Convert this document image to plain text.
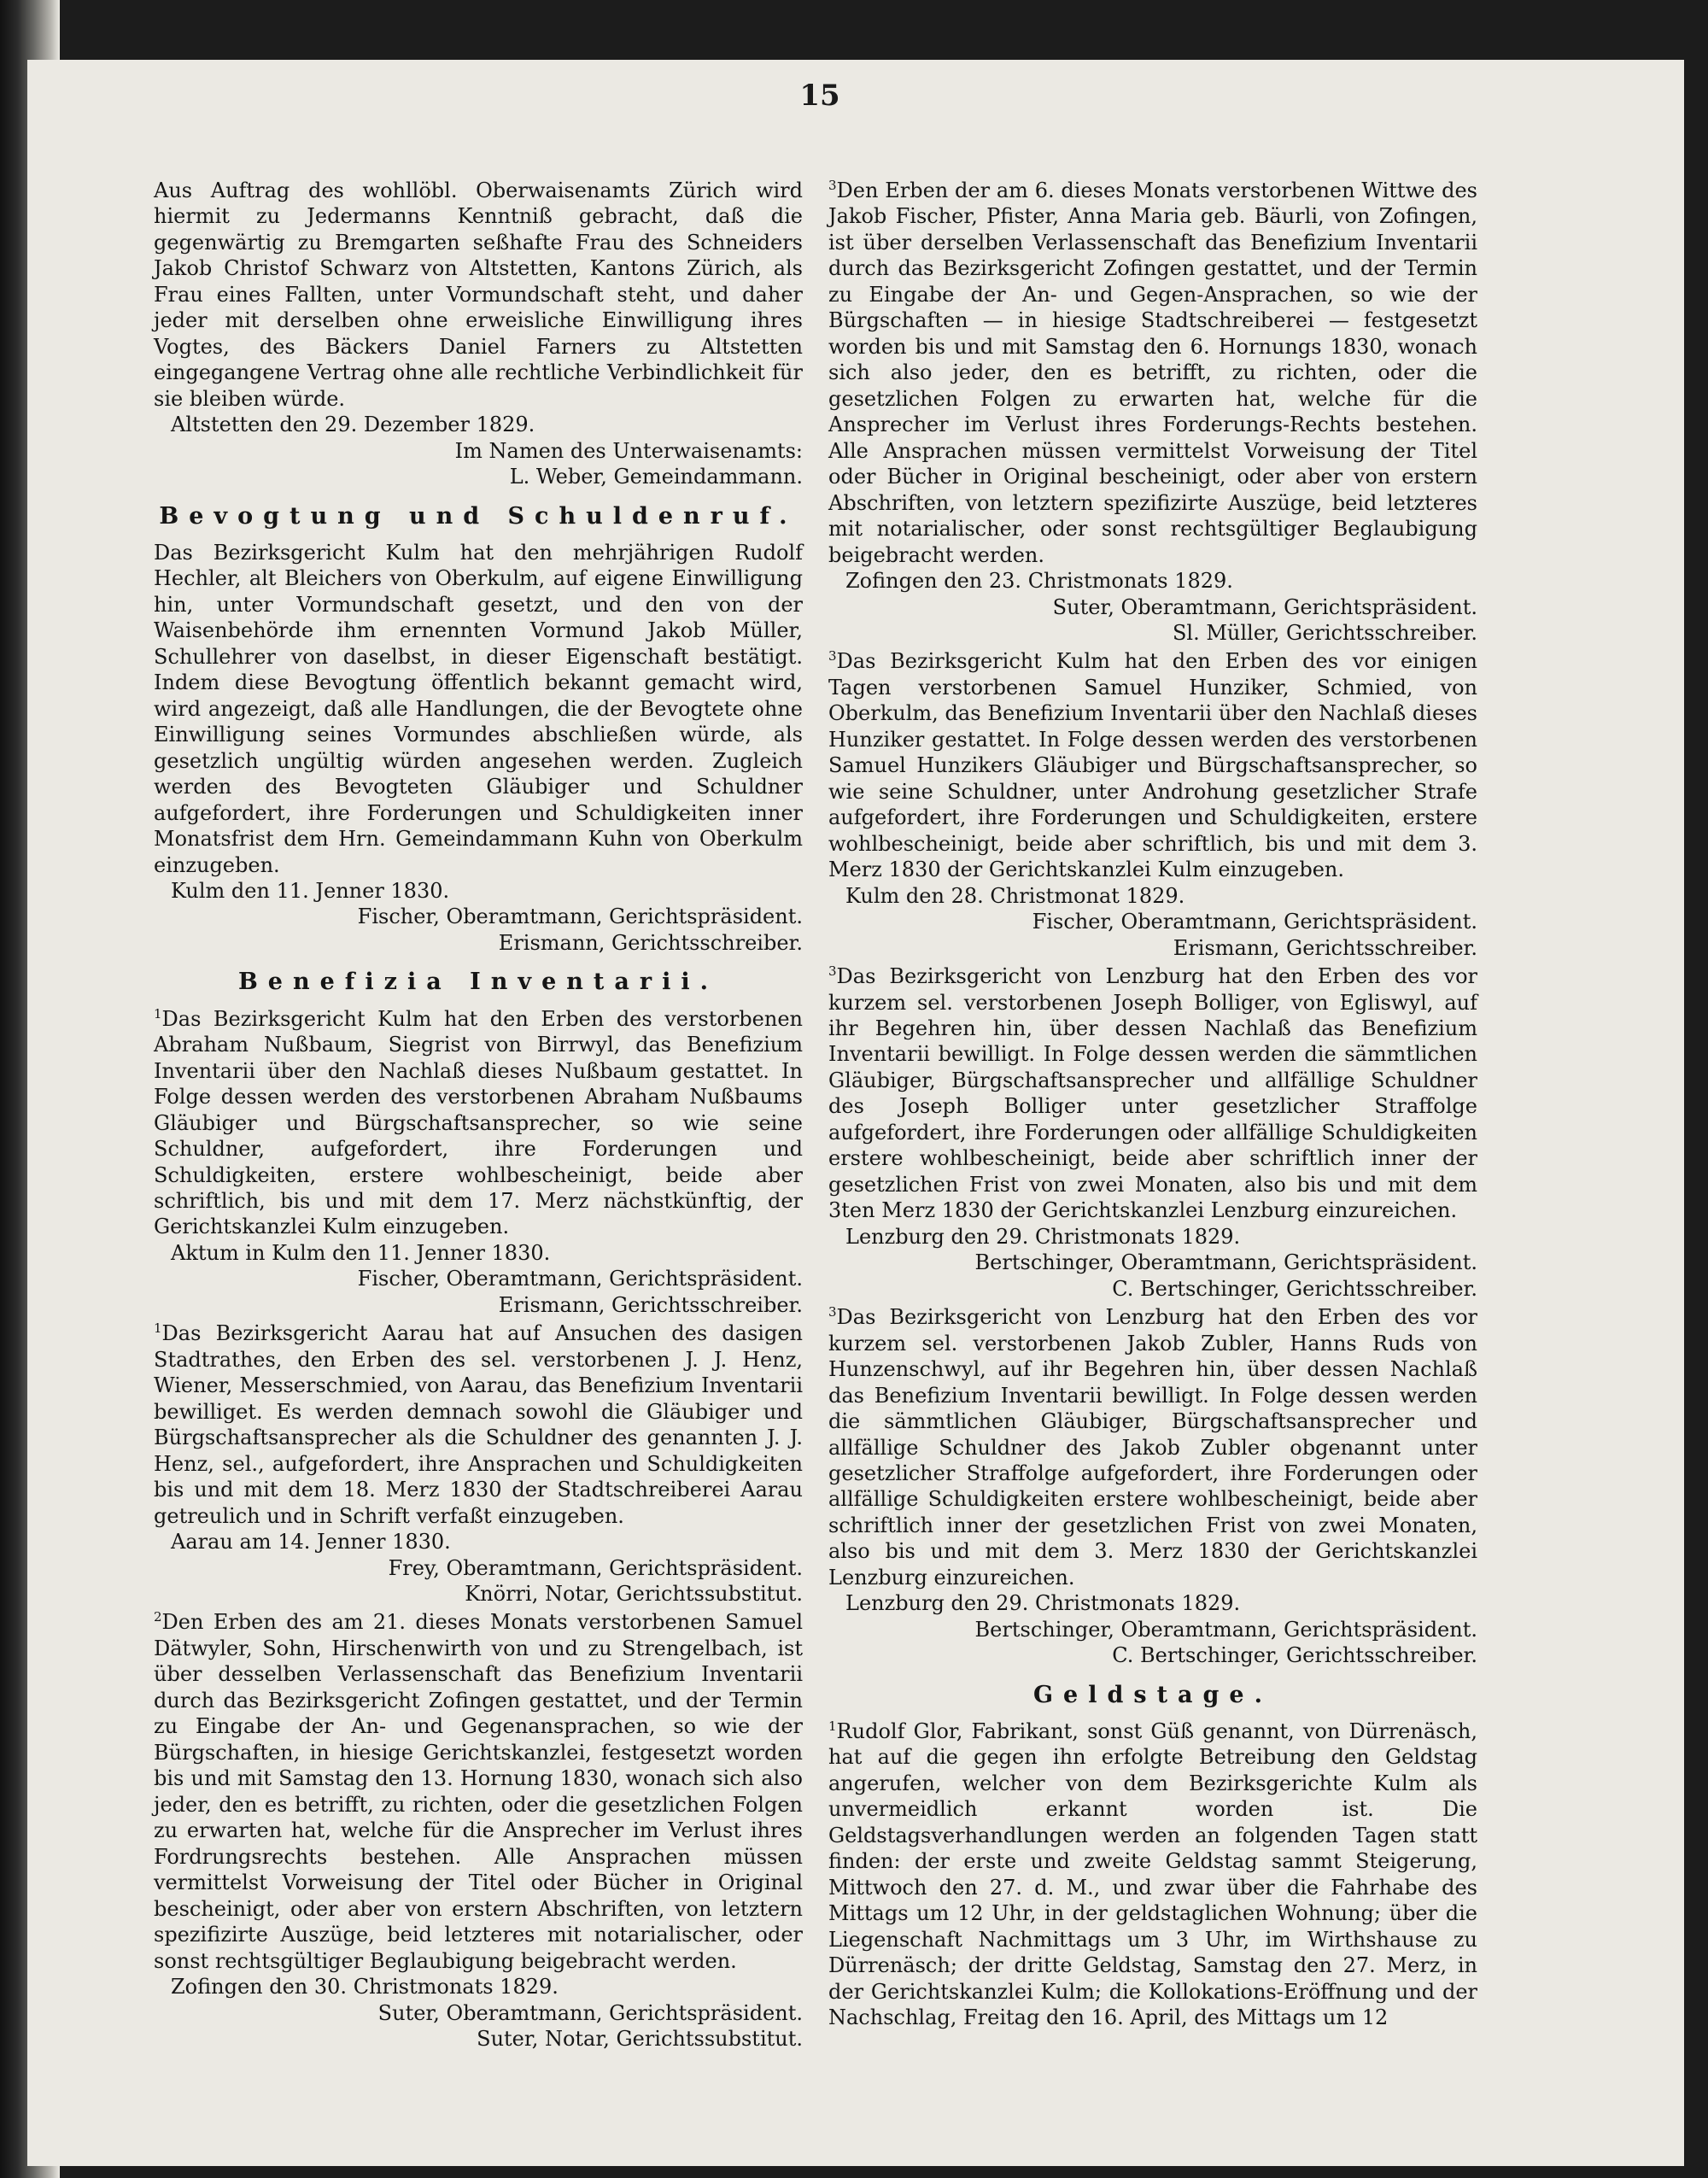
15

Aus Auftrag des wohllöbl. Oberwaisenamts Zürich wird hiermit zu Jedermanns Kenntniß gebracht, daß die gegenwärtig zu Bremgarten seßhafte Frau des Schneiders Jakob Christof Schwarz von Altstetten, Kantons Zürich, als Frau eines Fallten, unter Vormundschaft steht, und daher jeder mit derselben ohne erweisliche Einwilligung ihres Vogtes, des Bäckers Daniel Farners zu Altstetten eingegangene Vertrag ohne alle rechtliche Verbindlichkeit für sie bleiben würde.

Altstetten den 29. Dezember 1829.

Im Namen des Unterwaisenamts:

L. Weber, Gemeindammann.

Bevogtung und Schuldenruf.

Das Bezirksgericht Kulm hat den mehrjährigen Rudolf Hechler, alt Bleichers von Oberkulm, auf eigene Einwilligung hin, unter Vormundschaft gesetzt, und den von der Waisenbehörde ihm ernennten Vormund Jakob Müller, Schullehrer von daselbst, in dieser Eigenschaft bestätigt. Indem diese Bevogtung öffentlich bekannt gemacht wird, wird angezeigt, daß alle Handlungen, die der Bevogtete ohne Einwilligung seines Vormundes abschließen würde, als gesetzlich ungültig würden angesehen werden. Zugleich werden des Bevogteten Gläubiger und Schuldner aufgefordert, ihre Forderungen und Schuldigkeiten inner Monatsfrist dem Hrn. Gemeindammann Kuhn von Oberkulm einzugeben.

Kulm den 11. Jenner 1830.

Fischer, Oberamtmann, Gerichtspräsident.

Erismann, Gerichtsschreiber.

Benefizia Inventarii.

$^1$Das Bezirksgericht Kulm hat den Erben des verstorbenen Abraham Nußbaum, Siegrist von Birrwyl, das Benefizium Inventarii über den Nachlaß dieses Nußbaum gestattet. In Folge dessen werden des verstorbenen Abraham Nußbaums Gläubiger und Bürgschaftsansprecher, so wie seine Schuldner, aufgefordert, ihre Forderungen und Schuldigkeiten, erstere wohlbescheinigt, beide aber schriftlich, bis und mit dem 17. Merz nächstkünftig, der Gerichtskanzlei Kulm einzugeben.

Aktum in Kulm den 11. Jenner 1830.

Fischer, Oberamtmann, Gerichtspräsident.

Erismann, Gerichtsschreiber.

$^1$Das Bezirksgericht Aarau hat auf Ansuchen des dasigen Stadtrathes, den Erben des sel. verstorbenen J. J. Henz, Wiener, Messerschmied, von Aarau, das Benefizium Inventarii bewilliget. Es werden demnach sowohl die Gläubiger und Bürgschaftsansprecher als die Schuldner des genannten J. J. Henz, sel., aufgefordert, ihre Ansprachen und Schuldigkeiten bis und mit dem 18. Merz 1830 der Stadtschreiberei Aarau getreulich und in Schrift verfaßt einzugeben.

Aarau am 14. Jenner 1830.

Frey, Oberamtmann, Gerichtspräsident.

Knörri, Notar, Gerichtssubstitut.

$^2$Den Erben des am 21. dieses Monats verstorbenen Samuel Dätwyler, Sohn, Hirschenwirth von und zu Strengelbach, ist über desselben Verlassenschaft das Benefizium Inventarii durch das Bezirksgericht Zofingen gestattet, und der Termin zu Eingabe der An- und Gegenansprachen, so wie der Bürgschaften, in hiesige Gerichtskanzlei, festgesetzt worden bis und mit Samstag den 13. Hornung 1830, wonach sich also jeder, den es betrifft, zu richten, oder die gesetzlichen Folgen zu erwarten hat, welche für die Ansprecher im Verlust ihres Fordrungsrechts bestehen. Alle Ansprachen müssen vermittelst Vorweisung der Titel oder Bücher in Original bescheinigt, oder aber von erstern Abschriften, von letztern spezifizirte Auszüge, beid letzteres mit notarialischer, oder sonst rechtsgültiger Beglaubigung beigebracht werden.

Zofingen den 30. Christmonats 1829.

Suter, Oberamtmann, Gerichtspräsident.

Suter, Notar, Gerichtssubstitut.

$^3$Den Erben der am 6. dieses Monats verstorbenen Wittwe des Jakob Fischer, Pfister, Anna Maria geb. Bäurli, von Zofingen, ist über derselben Verlassenschaft das Benefizium Inventarii durch das Bezirksgericht Zofingen gestattet, und der Termin zu Eingabe der An- und Gegen-Ansprachen, so wie der Bürgschaften — in hiesige Stadtschreiberei — festgesetzt worden bis und mit Samstag den 6. Hornungs 1830, wonach sich also jeder, den es betrifft, zu richten, oder die gesetzlichen Folgen zu erwarten hat, welche für die Ansprecher im Verlust ihres Forderungs-Rechts bestehen. Alle Ansprachen müssen vermittelst Vorweisung der Titel oder Bücher in Original bescheinigt, oder aber von erstern Abschriften, von letztern spezifizirte Auszüge, beid letzteres mit notarialischer, oder sonst rechtsgültiger Beglaubigung beigebracht werden.

Zofingen den 23. Christmonats 1829.

Suter, Oberamtmann, Gerichtspräsident.

Sl. Müller, Gerichtsschreiber.

$^3$Das Bezirksgericht Kulm hat den Erben des vor einigen Tagen verstorbenen Samuel Hunziker, Schmied, von Oberkulm, das Benefizium Inventarii über den Nachlaß dieses Hunziker gestattet. In Folge dessen werden des verstorbenen Samuel Hunzikers Gläubiger und Bürgschaftsansprecher, so wie seine Schuldner, unter Androhung gesetzlicher Strafe aufgefordert, ihre Forderungen und Schuldigkeiten, erstere wohlbescheinigt, beide aber schriftlich, bis und mit dem 3. Merz 1830 der Gerichtskanzlei Kulm einzugeben.

Kulm den 28. Christmonat 1829.

Fischer, Oberamtmann, Gerichtspräsident.

Erismann, Gerichtsschreiber.

$^3$Das Bezirksgericht von Lenzburg hat den Erben des vor kurzem sel. verstorbenen Joseph Bolliger, von Egliswyl, auf ihr Begehren hin, über dessen Nachlaß das Benefizium Inventarii bewilligt. In Folge dessen werden die sämmtlichen Gläubiger, Bürgschaftsansprecher und allfällige Schuldner des Joseph Bolliger unter gesetzlicher Straffolge aufgefordert, ihre Forderungen oder allfällige Schuldigkeiten erstere wohlbescheinigt, beide aber schriftlich inner der gesetzlichen Frist von zwei Monaten, also bis und mit dem 3ten Merz 1830 der Gerichtskanzlei Lenzburg einzureichen.

Lenzburg den 29. Christmonats 1829.

Bertschinger, Oberamtmann, Gerichtspräsident.

C. Bertschinger, Gerichtsschreiber.

$^3$Das Bezirksgericht von Lenzburg hat den Erben des vor kurzem sel. verstorbenen Jakob Zubler, Hanns Ruds von Hunzenschwyl, auf ihr Begehren hin, über dessen Nachlaß das Benefizium Inventarii bewilligt. In Folge dessen werden die sämmtlichen Gläubiger, Bürgschaftsansprecher und allfällige Schuldner des Jakob Zubler obgenannt unter gesetzlicher Straffolge aufgefordert, ihre Forderungen oder allfällige Schuldigkeiten erstere wohlbescheinigt, beide aber schriftlich inner der gesetzlichen Frist von zwei Monaten, also bis und mit dem 3. Merz 1830 der Gerichtskanzlei Lenzburg einzureichen.

Lenzburg den 29. Christmonats 1829.

Bertschinger, Oberamtmann, Gerichtspräsident.

C. Bertschinger, Gerichtsschreiber.

Geldstage.

$^1$Rudolf Glor, Fabrikant, sonst Güß genannt, von Dürrenäsch, hat auf die gegen ihn erfolgte Betreibung den Geldstag angerufen, welcher von dem Bezirksgerichte Kulm als unvermeidlich erkannt worden ist. Die Geldstagsverhandlungen werden an folgenden Tagen statt finden: der erste und zweite Geldstag sammt Steigerung, Mittwoch den 27. d. M., und zwar über die Fahrhabe des Mittags um 12 Uhr, in der geldstaglichen Wohnung; über die Liegenschaft Nachmittags um 3 Uhr, im Wirthshause zu Dürrenäsch; der dritte Geldstag, Samstag den 27. Merz, in der Gerichtskanzlei Kulm; die Kollokations-Eröffnung und der Nachschlag, Freitag den 16. April, des Mittags um 12
